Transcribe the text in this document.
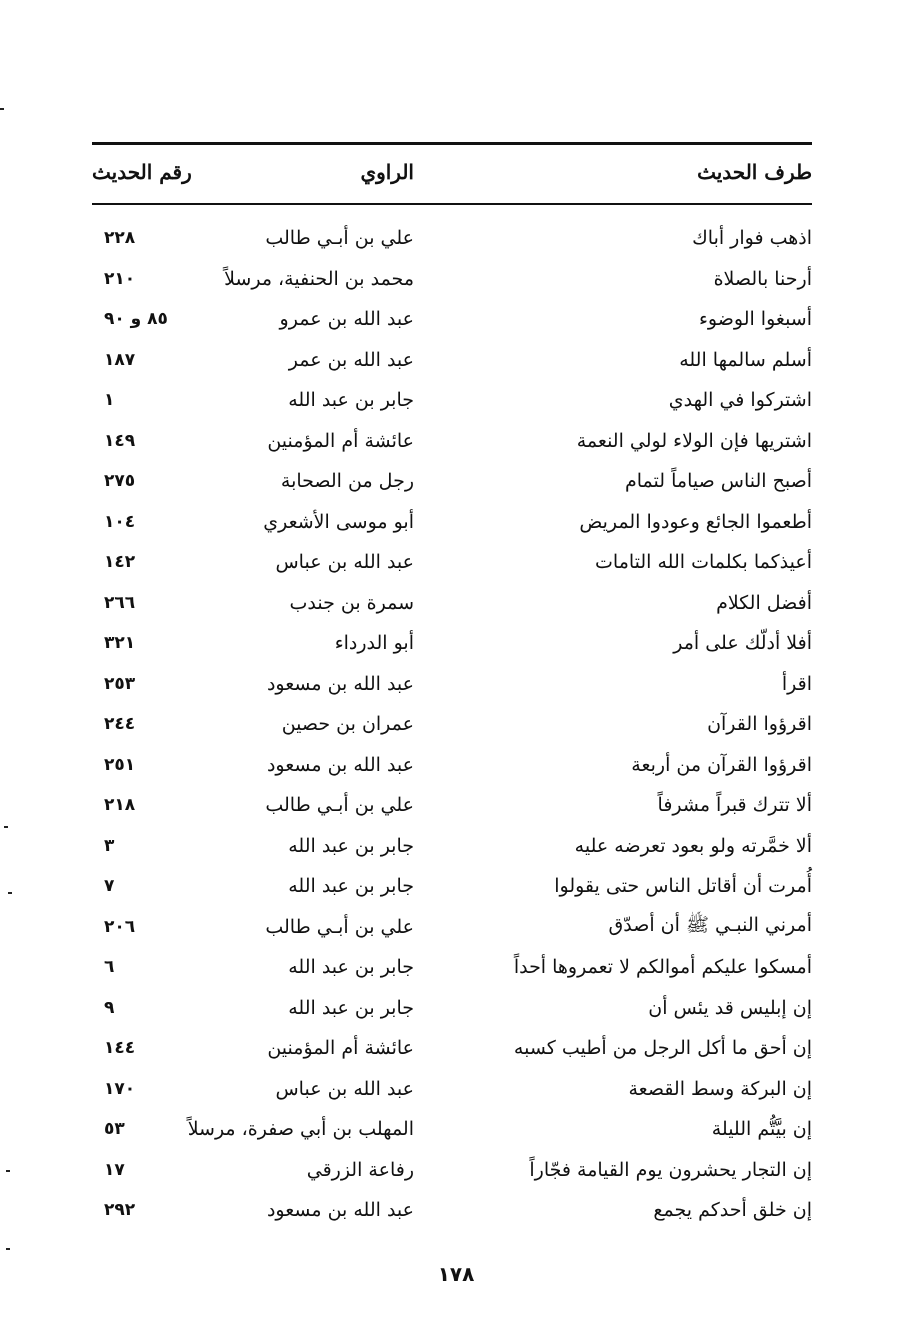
طرف الحديث
الراوي
رقم الحديث
اذهب فوار أباك
علي بن أبـي طالب
٢٢٨
أرحنا بالصلاة
محمد بن الحنفية، مرسلاً
٢١٠
أسبغوا الوضوء
عبد الله بن عمرو
٨٥ و ٩٠
أسلم سالمها الله
عبد الله بن عمر
١٨٧
اشتركوا في الهدي
جابر بن عبد الله
١
اشتريها فإن الولاء لولي النعمة
عائشة أم المؤمنين
١٤٩
أصبح الناس صياماً لتمام
رجل من الصحابة
٢٧٥
أطعموا الجائع وعودوا المريض
أبو موسى الأشعري
١٠٤
أعيذكما بكلمات الله التامات
عبد الله بن عباس
١٤٢
أفضل الكلام
سمرة بن جندب
٢٦٦
أفلا أدلّك على أمر
أبو الدرداء
٣٢١
اقرأ
عبد الله بن مسعود
٢٥٣
اقرؤوا القرآن
عمران بن حصين
٢٤٤
اقرؤوا القرآن من أربعة
عبد الله بن مسعود
٢٥١
ألا تترك قبراً مشرفاً
علي بن أبـي طالب
٢١٨
ألا خمَّرته ولو بعود تعرضه عليه
جابر بن عبد الله
٣
أُمرت أن أقاتل الناس حتى يقولوا
جابر بن عبد الله
٧
أمرني النبـي ﷺ أن أصدّق
علي بن أبـي طالب
٢٠٦
أمسكوا عليكم أموالكم لا تعمروها أحداً
جابر بن عبد الله
٦
إن إبليس قد يئس أن
جابر بن عبد الله
٩
إن أحق ما أكل الرجل من أطيب كسبه
عائشة أم المؤمنين
١٤٤
إن البركة وسط القصعة
عبد الله بن عباس
١٧٠
إن بيَّتُّم الليلة
المهلب بن أبي صفرة، مرسلاً
٥٣
إن التجار يحشرون يوم القيامة فجّاراً
رفاعة الزرقي
١٧
إن خلق أحدكم يجمع
عبد الله بن مسعود
٢٩٢
١٧٨
